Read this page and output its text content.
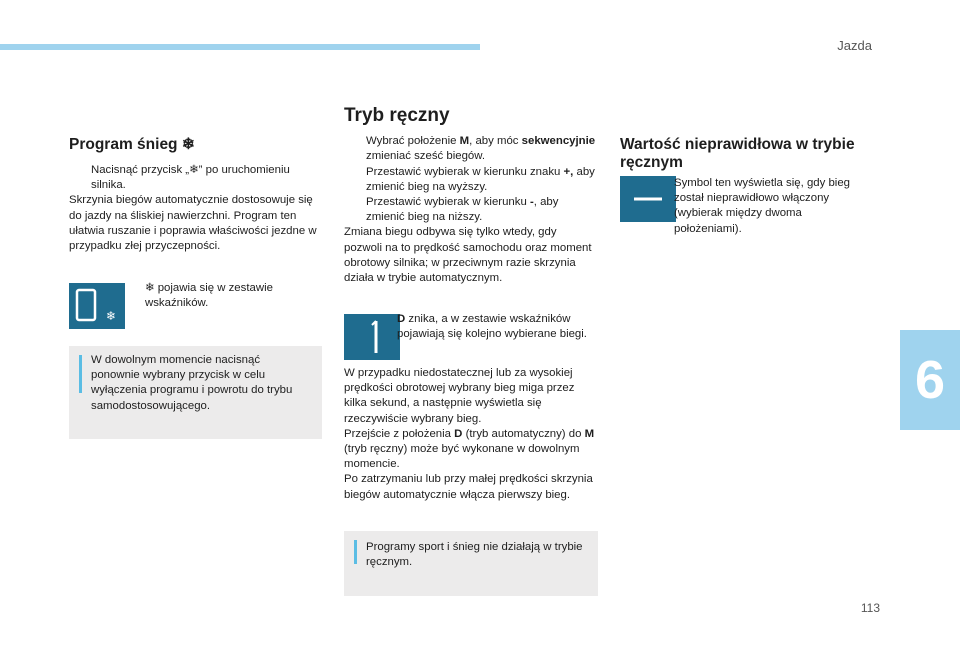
Jazda
6
113
Program śnieg ❄
Nacisnąć przycisk „❄” po uruchomieniu silnika.

Skrzynia biegów automatycznie dostosowuje się do jazdy na śliskiej nawierzchni. Program ten ułatwia ruszanie i poprawia właściwości jezdne w przypadku złej przyczepności.

❄
❄ pojawia się w zestawie wskaźników.
W dowolnym momencie nacisnąć ponownie wybrany przycisk w celu wyłączenia programu i powrotu do trybu samodostosowującego.
Tryb ręczny
Wybrać położenie M, aby móc sekwencyjnie zmieniać sześć biegów.
Przestawić wybierak w kierunku znaku +, aby zmienić bieg na wyższy.
Przestawić wybierak w kierunku -, aby zmienić bieg na niższy.

Zmiana biegu odbywa się tylko wtedy, gdy pozwoli na to prędkość samochodu oraz moment obrotowy silnika; w przeciwnym razie skrzynia działa w trybie automatycznym.

D znika, a w zestawie wskaźników pojawiają się kolejno wybierane biegi.

W przypadku niedostatecznej lub za wysokiej prędkości obrotowej wybrany bieg miga przez kilka sekund, a następnie wyświetla się rzeczywiście wybrany bieg.

Przejście z położenia D (tryb automatyczny) do M (tryb ręczny) może być wykonane w dowolnym momencie.

Po zatrzymaniu lub przy małej prędkości skrzynia biegów automatycznie włącza pierwszy bieg.

Programy sport i śnieg nie działają w trybie ręcznym.
Wartość nieprawidłowa w trybie ręcznym
Symbol ten wyświetla się, gdy bieg został nieprawidłowo włączony (wybierak między dwoma położeniami).
